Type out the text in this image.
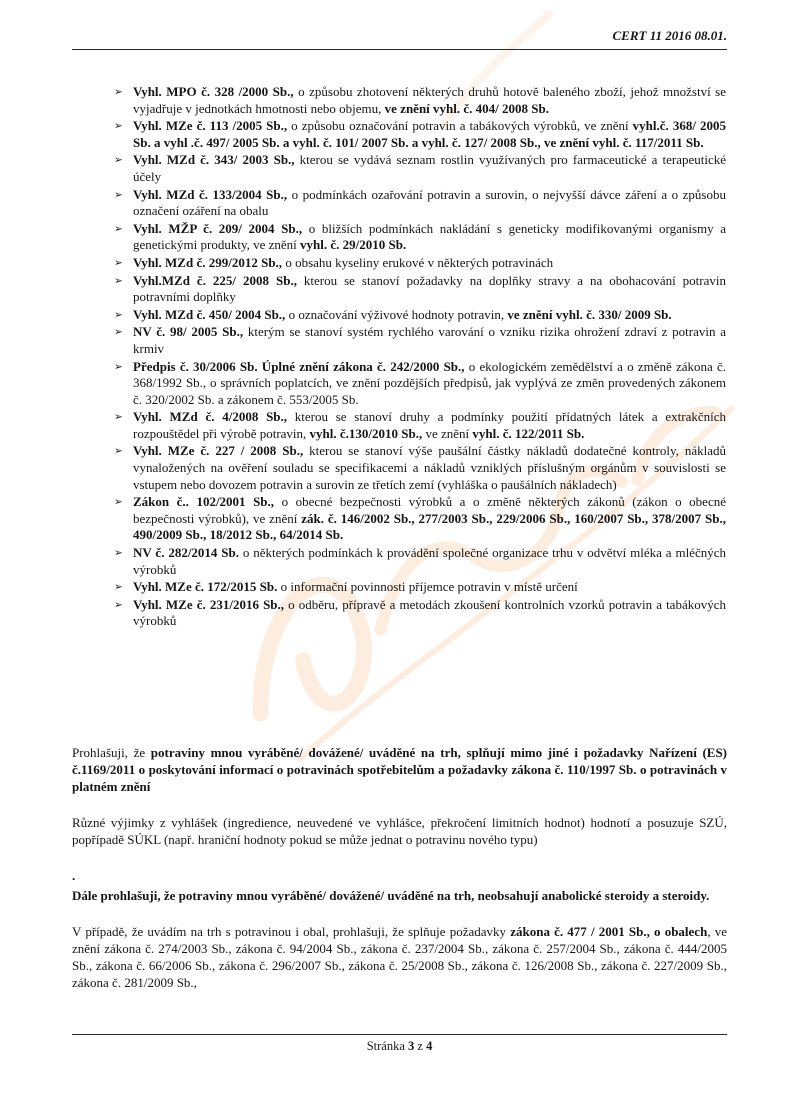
CERT 11 2016 08.01.
➢ Vyhl. MPO č. 328 /2000 Sb., o způsobu zhotovení některých druhů hotově baleného zboží, jehož množství se vyjadřuje v jednotkách hmotnosti nebo objemu, ve znění vyhl. č. 404/ 2008 Sb.
➢ Vyhl. MZe č. 113 /2005 Sb., o způsobu označování potravin a tabákových výrobků, ve znění vyhl.č. 368/ 2005 Sb. a vyhl .č. 497/ 2005 Sb. a vyhl. č. 101/ 2007 Sb. a vyhl. č. 127/ 2008 Sb., ve znění vyhl. č. 117/2011 Sb.
➢ Vyhl. MZd č. 343/ 2003 Sb., kterou se vydává seznam rostlin využívaných pro farmaceutické a terapeutické účely
➢ Vyhl. MZd č. 133/2004 Sb., o podmínkách ozařování potravin a surovin, o nejvyšší dávce záření a o způsobu označení ozáření na obalu
➢ Vyhl. MŽP č. 209/ 2004 Sb., o bližších podmínkách nakládání s geneticky modifikovanými organismy a genetickými produkty, ve znění vyhl. č. 29/2010 Sb.
➢ Vyhl. MZd č. 299/2012 Sb., o obsahu kyseliny erukové v některých potravinách
➢ Vyhl.MZd č. 225/ 2008 Sb., kterou se stanoví požadavky na doplňky stravy a na obohacování potravin potravními doplňky
➢ Vyhl. MZd č. 450/ 2004 Sb., o označování výživové hodnoty potravin, ve znění vyhl. č. 330/ 2009 Sb.
➢ NV č. 98/ 2005 Sb., kterým se stanoví systém rychlého varování o vzniku rizika ohrožení zdraví z potravin a krmiv
➢ Předpis č. 30/2006 Sb. Úplné znění zákona č. 242/2000 Sb., o ekologickém zemědělství a o změně zákona č. 368/1992 Sb., o správních poplatcích, ve znění pozdějších předpisů, jak vyplývá ze změn provedených zákonem č. 320/2002 Sb. a zákonem č. 553/2005 Sb.
➢ Vyhl. MZd č. 4/2008 Sb., kterou se stanoví druhy a podmínky použití přídatných látek a extrakčních rozpouštědel při výrobě potravin, vyhl. č.130/2010 Sb., ve znění vyhl. č. 122/2011 Sb.
➢ Vyhl. MZe č. 227 / 2008 Sb., kterou se stanoví výše paušální částky nákladů dodatečné kontroly, nákladů vynaložených na ověření souladu se specifikacemi a nákladů vzniklých příslušným orgánům v souvislosti se vstupem nebo dovozem potravin a surovin ze třetích zemí (vyhláška o paušálních nákladech)
➢ Zákon č.. 102/2001 Sb., o obecné bezpečnosti výrobků a o změně některých zákonů (zákon o obecné bezpečnosti výrobků), ve znění zák. č. 146/2002 Sb., 277/2003 Sb., 229/2006 Sb., 160/2007 Sb., 378/2007 Sb., 490/2009 Sb., 18/2012 Sb., 64/2014 Sb.
➢ NV č. 282/2014 Sb. o některých podmínkách k provádění společné organizace trhu v odvětví mléka a mléčných výrobků
➢ Vyhl. MZe č. 172/2015 Sb. o informační povinnosti příjemce potravin v místě určení
➢ Vyhl. MZe č. 231/2016 Sb., o odběru, přípravě a metodách zkoušení kontrolních vzorků potravin a tabákových výrobků

Prohlašuji, že potraviny mnou vyráběné/ dovážené/ uváděné na trh, splňují mimo jiné i požadavky Nařízení (ES) č.1169/2011 o poskytování informací o potravinách spotřebitelům a požadavky zákona č. 110/1997 Sb. o potravinách v platném znění

Různé výjimky z vyhlášek (ingredience, neuvedené ve vyhlášce, překročení limitních hodnot) hodnotí a posuzuje SZÚ, popřípadě SÚKL (např. hraniční hodnoty pokud se může jednat o potravinu nového typu)

.

Dále prohlašuji, že potraviny mnou vyráběné/ dovážené/ uváděné na trh, neobsahují anabolické steroidy a steroidy.

V případě, že uvádím na trh s potravinou i obal, prohlašuji, že splňuje požadavky zákona č. 477 / 2001 Sb., o obalech, ve znění zákona č. 274/2003 Sb., zákona č. 94/2004 Sb., zákona č. 237/2004 Sb., zákona č. 257/2004 Sb., zákona č. 444/2005 Sb., zákona č. 66/2006 Sb., zákona č. 296/2007 Sb., zákona č. 25/2008 Sb., zákona č. 126/2008 Sb., zákona č. 227/2009 Sb., zákona č. 281/2009 Sb.,

Stránka 3 z 4
